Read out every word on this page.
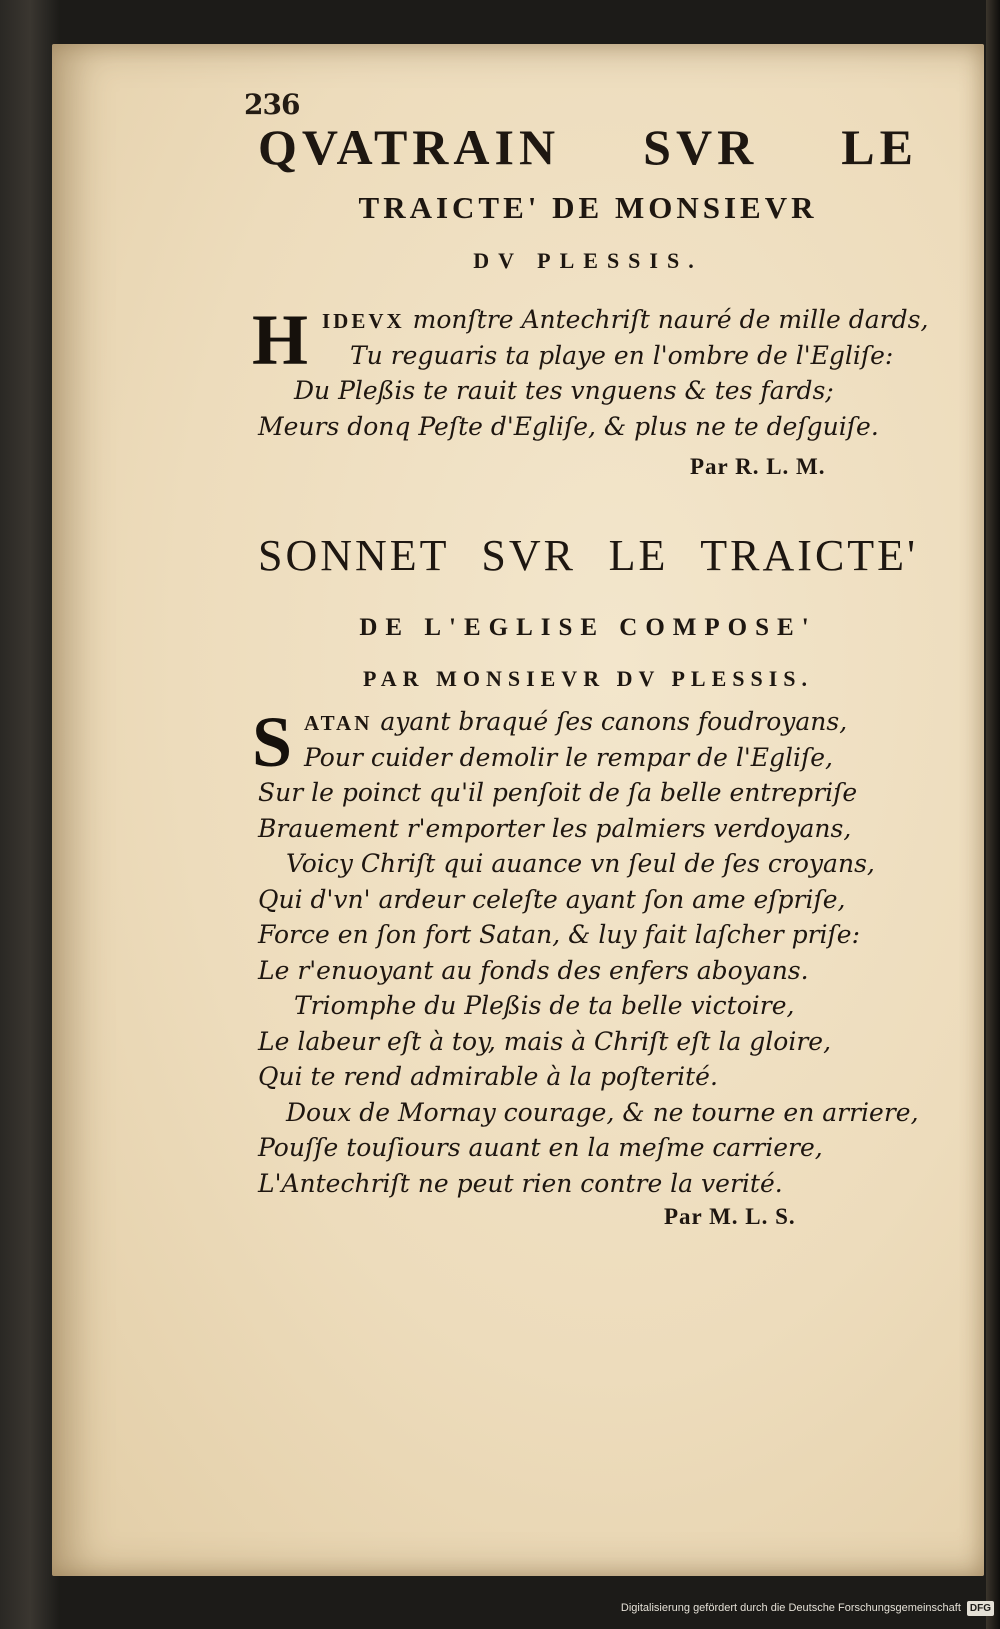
236
QVATRAIN SVR LE
TRAICTE' DE MONSIEVR
DV PLESSIS.
H IDEVX monſtre Antechriſt nauré de mille dards,
Tu reguaris ta playe en l'ombre de l'Egliſe:
Du Pleßis te rauit tes vnguens & tes fards;
Meurs donq Peſte d'Egliſe, & plus ne te deſguiſe.
Par R. L. M.
SONNET SVR LE TRAICTE'
DE L'EGLISE COMPOSE'
PAR MONSIEVR DV PLESSIS.
S ATAN ayant braqué ſes canons foudroyans,
Pour cuider demolir le rempar de l'Egliſe,
Sur le poinct qu'il penſoit de ſa belle entrepriſe
Brauement r'emporter les palmiers verdoyans,
Voicy Chriſt qui auance vn ſeul de ſes croyans,
Qui d'vn' ardeur celeſte ayant ſon ame eſpriſe,
Force en ſon fort Satan, & luy fait laſcher priſe:
Le r'enuoyant au fonds des enfers aboyans.
Triomphe du Pleßis de ta belle victoire,
Le labeur eſt à toy, mais à Chriſt eſt la gloire,
Qui te rend admirable à la poſterité.
Doux de Mornay courage, & ne tourne en arriere,
Pouſſe touſiours auant en la meſme carriere,
L'Antechriſt ne peut rien contre la verité.
Par M. L. S.
Digitalisierung gefördert durch die Deutsche Forschungsgemeinschaft DFG
